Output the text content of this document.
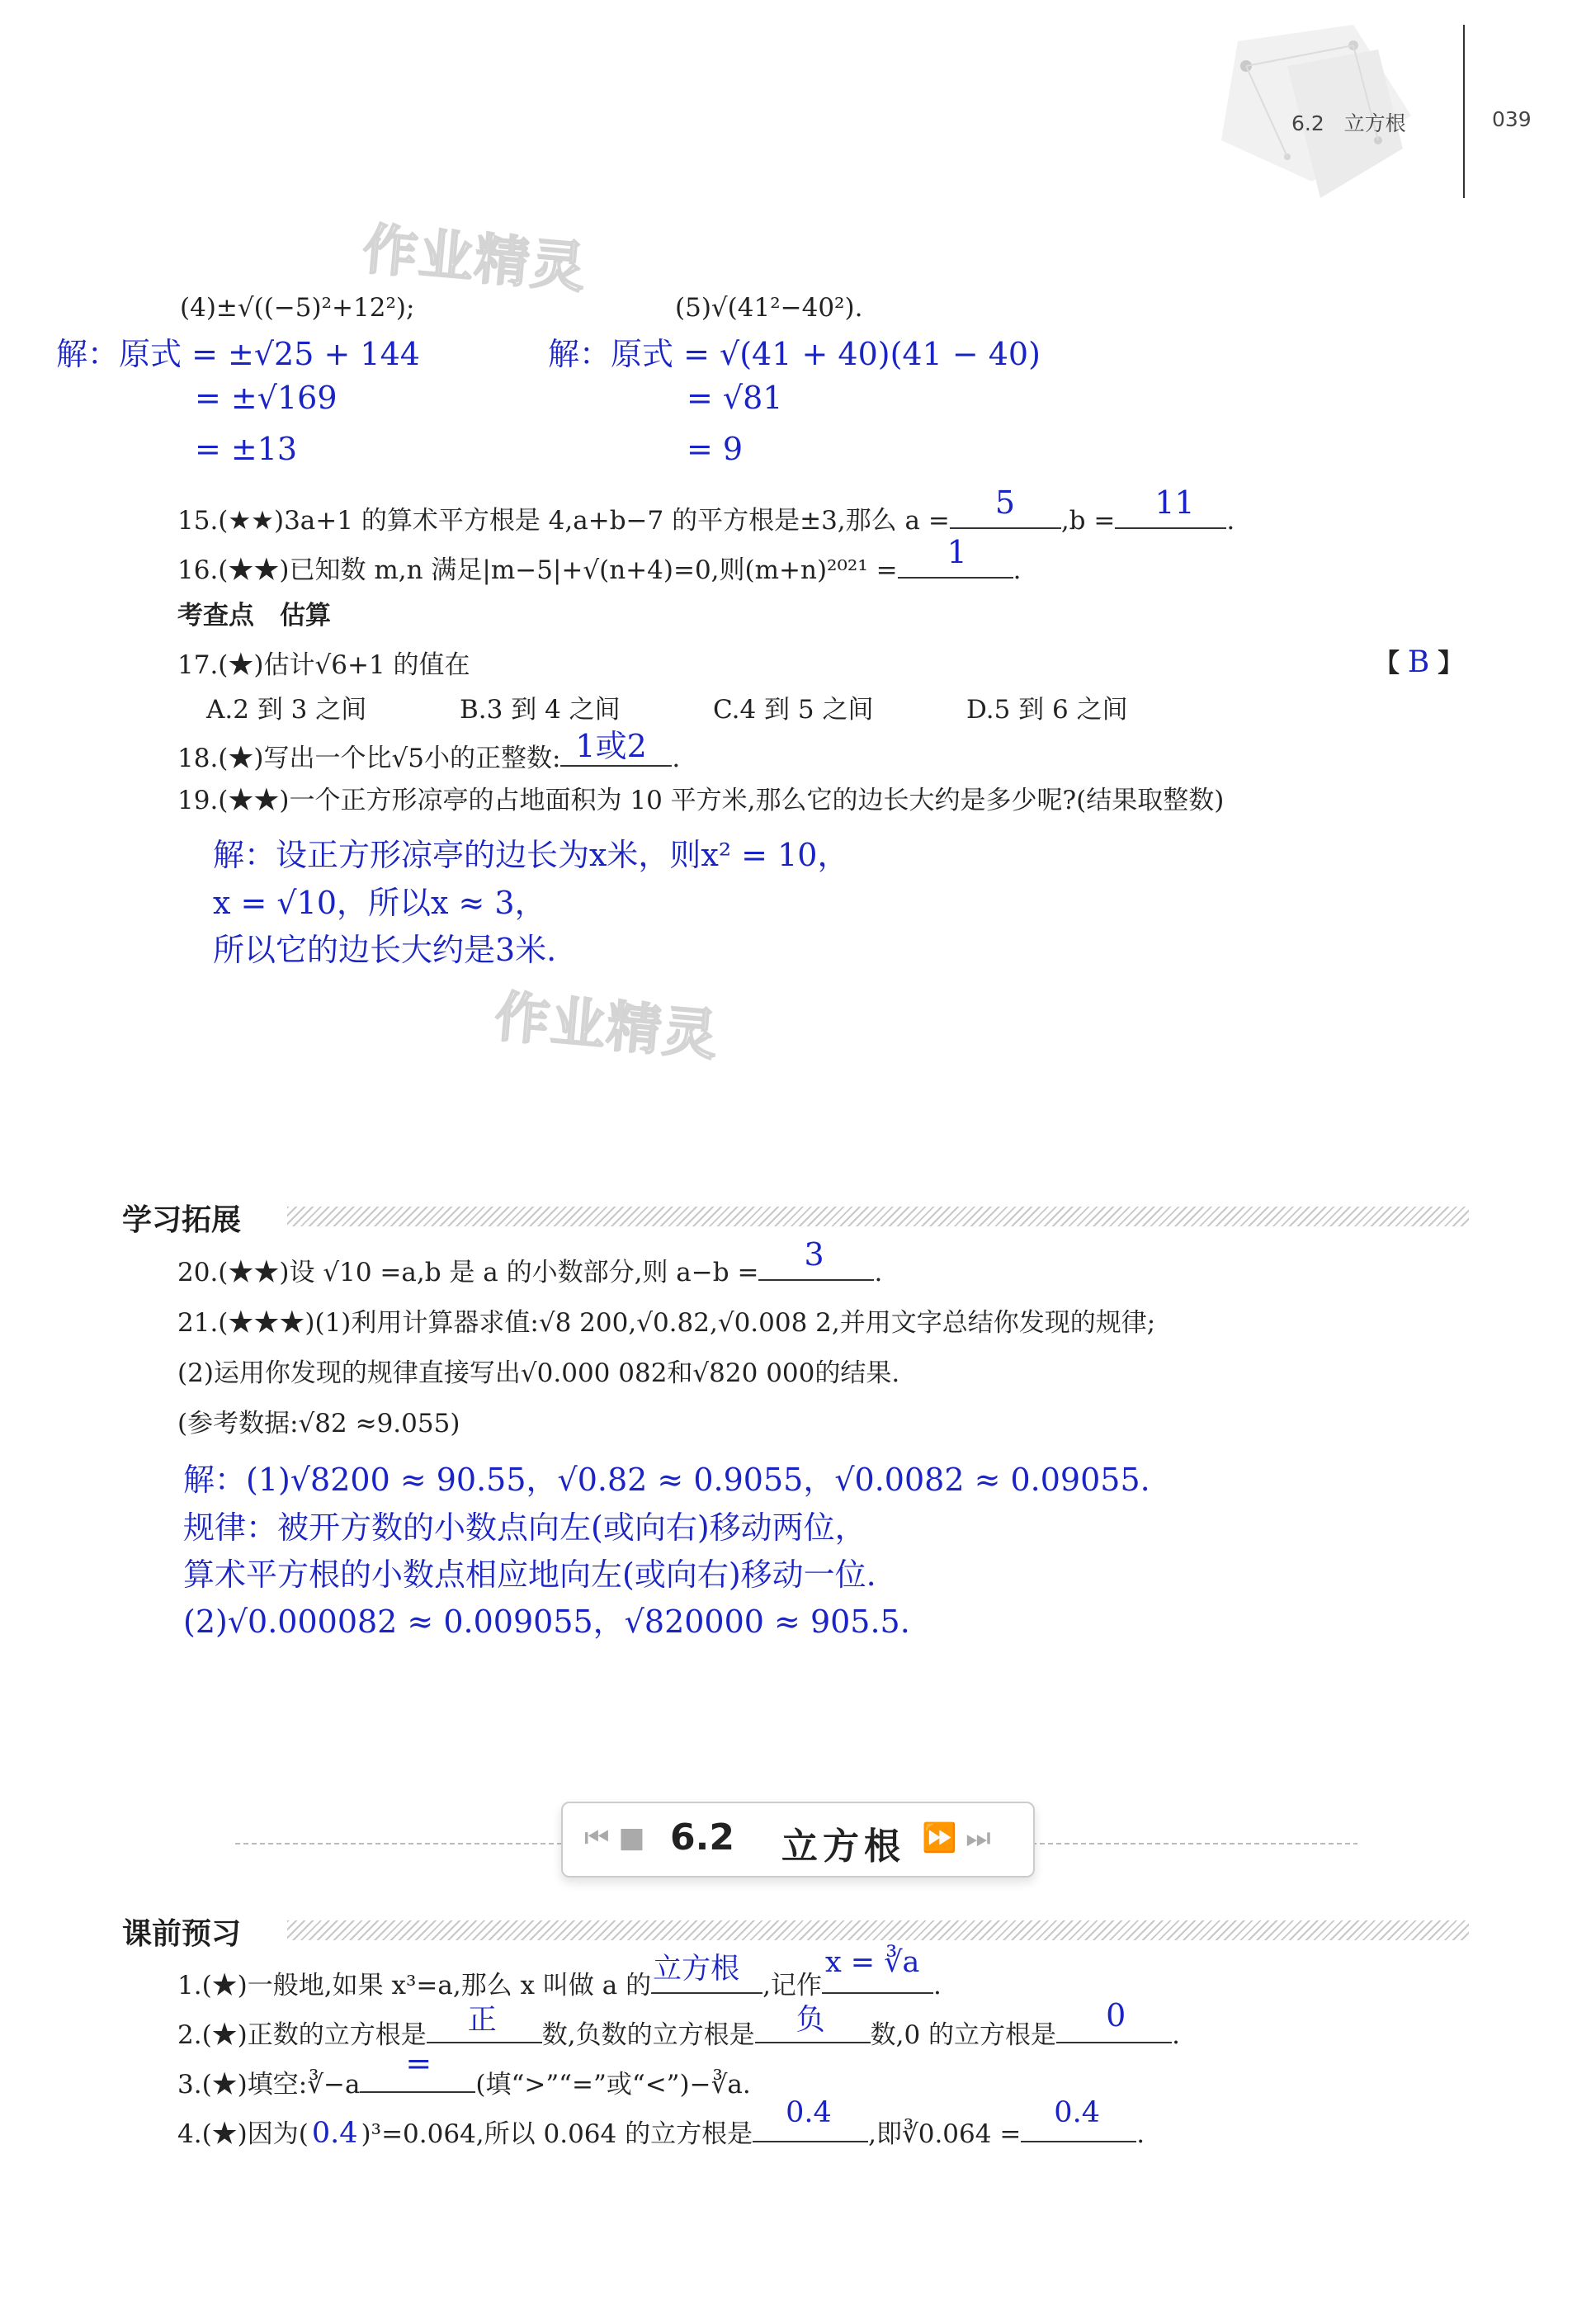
6.2 立方根	039
作业精灵
作业精灵
(4)±√((−5)²+12²);	(5)√(41²−40²).
解：原式 = ±√25 + 144
= ±√169
= ±13
解：原式 = √(41 + 40)(41 − 40)
= √81
= 9
15.(★★)3a+1 的算术平方根是 4,a+b−7 的平方根是±3,那么 a = 5 ,b = 11 .
16.(★★)已知数 m,n 满足|m−5|+√(n+4)=0,则(m+n)²⁰²¹ = 1 .
考查点　估算
17.(★)估计√6+1 的值在	【 B 】
A.2 到 3 之间	B.3 到 4 之间	C.4 到 5 之间	D.5 到 6 之间
18.(★)写出一个比√5小的正整数: 1或2 .
19.(★★)一个正方形凉亭的占地面积为 10 平方米,那么它的边长大约是多少呢?(结果取整数)
解：设正方形凉亭的边长为x米，则x² = 10，
x = √10，所以x ≈ 3，
所以它的边长大约是3米.
学习拓展
20.(★★)设 √10 =a,b 是 a 的小数部分,则 a−b = 3 .
21.(★★★)(1)利用计算器求值:√8 200,√0.82,√0.008 2,并用文字总结你发现的规律;
(2)运用你发现的规律直接写出√0.000 082和√820 000的结果.
(参考数据:√82 ≈9.055)
解：(1)√8200 ≈ 90.55，√0.82 ≈ 0.9055，√0.0082 ≈ 0.09055.
规律：被开方数的小数点向左(或向右)移动两位，
算术平方根的小数点相应地向左(或向右)移动一位.
(2)√0.000082 ≈ 0.009055，√820000 ≈ 905.5.
⏮ ■ 6.2 立方根 ⏩ ⏭
课前预习
1.(★)一般地,如果 x³=a,那么 x 叫做 a 的 立方根 ,记作
x = ∛a
.
2.(★)正数的立方根是 正 数,负数的立方根是 负 数,0 的立方根是
0
.
3.(★)填空:∛−a
=
(填“>”“=”或“<”)−∛a.
4.(★)因为( 0.4 )³=0.064,所以 0.064 的立方根是
0.4
,即∛0.064 =
0.4
.
